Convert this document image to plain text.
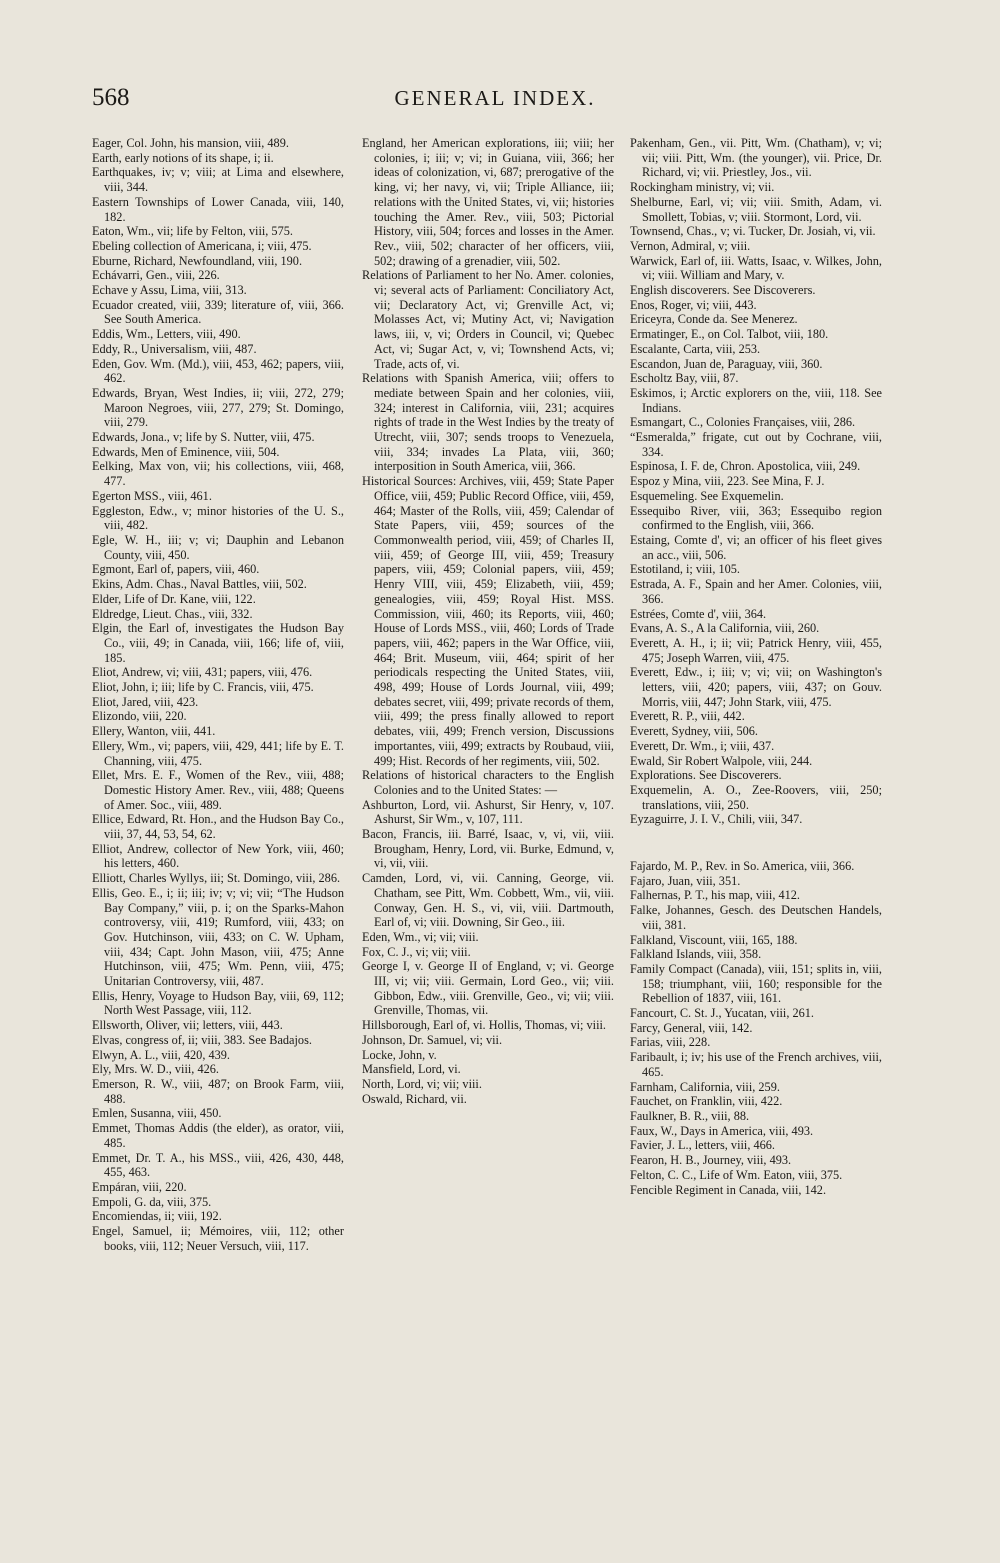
568	GENERAL INDEX.

Eager, Col. John, his mansion, viii, 489.

Earth, early notions of its shape, i; ii.

Earthquakes, iv; v; viii; at Lima and elsewhere, viii, 344.

Eastern Townships of Lower Canada, viii, 140, 182.

Eaton, Wm., vii; life by Felton, viii, 575.

Ebeling collection of Americana, i; viii, 475.

Eburne, Richard, Newfoundland, viii, 190.

Echávarri, Gen., viii, 226.

Echave y Assu, Lima, viii, 313.

Ecuador created, viii, 339; literature of, viii, 366. See South America.

Eddis, Wm., Letters, viii, 490.

Eddy, R., Universalism, viii, 487.

Eden, Gov. Wm. (Md.), viii, 453, 462; papers, viii, 462.

Edwards, Bryan, West Indies, ii; viii, 272, 279; Maroon Negroes, viii, 277, 279; St. Domingo, viii, 279.

Edwards, Jona., v; life by S. Nutter, viii, 475.

Edwards, Men of Eminence, viii, 504.

Eelking, Max von, vii; his collections, viii, 468, 477.

Egerton MSS., viii, 461.

Eggleston, Edw., v; minor histories of the U. S., viii, 482.

Egle, W. H., iii; v; vi; Dauphin and Lebanon County, viii, 450.

Egmont, Earl of, papers, viii, 460.

Ekins, Adm. Chas., Naval Battles, viii, 502.

Elder, Life of Dr. Kane, viii, 122.

Eldredge, Lieut. Chas., viii, 332.

Elgin, the Earl of, investigates the Hudson Bay Co., viii, 49; in Canada, viii, 166; life of, viii, 185.

Eliot, Andrew, vi; viii, 431; papers, viii, 476.

Eliot, John, i; iii; life by C. Francis, viii, 475.

Eliot, Jared, viii, 423.

Elizondo, viii, 220.

Ellery, Wanton, viii, 441.

Ellery, Wm., vi; papers, viii, 429, 441; life by E. T. Channing, viii, 475.

Ellet, Mrs. E. F., Women of the Rev., viii, 488; Domestic History Amer. Rev., viii, 488; Queens of Amer. Soc., viii, 489.

Ellice, Edward, Rt. Hon., and the Hudson Bay Co., viii, 37, 44, 53, 54, 62.

Elliot, Andrew, collector of New York, viii, 460; his letters, 460.

Elliott, Charles Wyllys, iii; St. Domingo, viii, 286.

Ellis, Geo. E., i; ii; iii; iv; v; vi; vii; “The Hudson Bay Company,” viii, p. i; on the Sparks-Mahon controversy, viii, 419; Rumford, viii, 433; on Gov. Hutchinson, viii, 433; on C. W. Upham, viii, 434; Capt. John Mason, viii, 475; Anne Hutchinson, viii, 475; Wm. Penn, viii, 475; Unitarian Controversy, viii, 487.

Ellis, Henry, Voyage to Hudson Bay, viii, 69, 112; North West Passage, viii, 112.

Ellsworth, Oliver, vii; letters, viii, 443.

Elvas, congress of, ii; viii, 383. See Badajos.

Elwyn, A. L., viii, 420, 439.

Ely, Mrs. W. D., viii, 426.

Emerson, R. W., viii, 487; on Brook Farm, viii, 488.

Emlen, Susanna, viii, 450.

Emmet, Thomas Addis (the elder), as orator, viii, 485.

Emmet, Dr. T. A., his MSS., viii, 426, 430, 448, 455, 463.

Empáran, viii, 220.

Empoli, G. da, viii, 375.

Encomiendas, ii; viii, 192.

Engel, Samuel, ii; Mémoires, viii, 112; other books, viii, 112; Neuer Versuch, viii, 117.

England, her American explorations, iii; viii; her colonies, i; iii; v; vi; in Guiana, viii, 366; her ideas of colonization, vi, 687; prerogative of the king, vi; her navy, vi, vii; Triple Alliance, iii; relations with the United States, vi, vii; histories touching the Amer. Rev., viii, 503; Pictorial History, viii, 504; forces and losses in the Amer. Rev., viii, 502; character of her officers, viii, 502; drawing of a grenadier, viii, 502.

Relations of Parliament to her No. Amer. colonies, vi; several acts of Parliament: Conciliatory Act, vii; Declaratory Act, vi; Grenville Act, vi; Molasses Act, vi; Mutiny Act, vi; Navigation laws, iii, v, vi; Orders in Council, vi; Quebec Act, vi; Sugar Act, v, vi; Townshend Acts, vi; Trade, acts of, vi.

Relations with Spanish America, viii; offers to mediate between Spain and her colonies, viii, 324; interest in California, viii, 231; acquires rights of trade in the West Indies by the treaty of Utrecht, viii, 307; sends troops to Venezuela, viii, 334; invades La Plata, viii, 360; interposition in South America, viii, 366.

Historical Sources: Archives, viii, 459; State Paper Office, viii, 459; Public Record Office, viii, 459, 464; Master of the Rolls, viii, 459; Calendar of State Papers, viii, 459; sources of the Commonwealth period, viii, 459; of Charles II, viii, 459; of George III, viii, 459; Treasury papers, viii, 459; Colonial papers, viii, 459; Henry VIII, viii, 459; Elizabeth, viii, 459; genealogies, viii, 459; Royal Hist. MSS. Commission, viii, 460; its Reports, viii, 460; House of Lords MSS., viii, 460; Lords of Trade papers, viii, 462; papers in the War Office, viii, 464; Brit. Museum, viii, 464; spirit of her periodicals respecting the United States, viii, 498, 499; House of Lords Journal, viii, 499; debates secret, viii, 499; private records of them, viii, 499; the press finally allowed to report debates, viii, 499; French version, Discussions importantes, viii, 499; extracts by Roubaud, viii, 499; Hist. Records of her regiments, viii, 502.

Relations of historical characters to the English Colonies and to the United States: —

Ashburton, Lord, vii. Ashurst, Sir Henry, v, 107. Ashurst, Sir Wm., v, 107, 111.

Bacon, Francis, iii. Barré, Isaac, v, vi, vii, viii. Brougham, Henry, Lord, vii. Burke, Edmund, v, vi, vii, viii.

Camden, Lord, vi, vii. Canning, George, vii. Chatham, see Pitt, Wm. Cobbett, Wm., vii, viii. Conway, Gen. H. S., vi, vii, viii. Dartmouth, Earl of, vi; viii. Downing, Sir Geo., iii.

Eden, Wm., vi; vii; viii.

Fox, C. J., vi; vii; viii.

George I, v. George II of England, v; vi. George III, vi; vii; viii. Germain, Lord Geo., vii; viii. Gibbon, Edw., viii. Grenville, Geo., vi; vii; viii. Grenville, Thomas, vii.

Hillsborough, Earl of, vi. Hollis, Thomas, vi; viii.

Johnson, Dr. Samuel, vi; vii.

Locke, John, v.

Mansfield, Lord, vi.

North, Lord, vi; vii; viii.

Oswald, Richard, vii.

Pakenham, Gen., vii. Pitt, Wm. (Chatham), v; vi; vii; viii. Pitt, Wm. (the younger), vii. Price, Dr. Richard, vi; vii. Priestley, Jos., vii.

Rockingham ministry, vi; vii.

Shelburne, Earl, vi; vii; viii. Smith, Adam, vi. Smollett, Tobias, v; viii. Stormont, Lord, vii.

Townsend, Chas., v; vi. Tucker, Dr. Josiah, vi, vii.

Vernon, Admiral, v; viii.

Warwick, Earl of, iii. Watts, Isaac, v. Wilkes, John, vi; viii. William and Mary, v.

English discoverers. See Discoverers.

Enos, Roger, vi; viii, 443.

Ericeyra, Conde da. See Menerez.

Ermatinger, E., on Col. Talbot, viii, 180.

Escalante, Carta, viii, 253.

Escandon, Juan de, Paraguay, viii, 360.

Escholtz Bay, viii, 87.

Eskimos, i; Arctic explorers on the, viii, 118. See Indians.

Esmangart, C., Colonies Françaises, viii, 286.

“Esmeralda,” frigate, cut out by Cochrane, viii, 334.

Espinosa, I. F. de, Chron. Apostolica, viii, 249.

Espoz y Mina, viii, 223. See Mina, F. J.

Esquemeling. See Exquemelin.

Essequibo River, viii, 363; Essequibo region confirmed to the English, viii, 366.

Estaing, Comte d', vi; an officer of his fleet gives an acc., viii, 506.

Estotiland, i; viii, 105.

Estrada, A. F., Spain and her Amer. Colonies, viii, 366.

Estrées, Comte d', viii, 364.

Evans, A. S., A la California, viii, 260.

Everett, A. H., i; ii; vii; Patrick Henry, viii, 455, 475; Joseph Warren, viii, 475.

Everett, Edw., i; iii; v; vi; vii; on Washington's letters, viii, 420; papers, viii, 437; on Gouv. Morris, viii, 447; John Stark, viii, 475.

Everett, R. P., viii, 442.

Everett, Sydney, viii, 506.

Everett, Dr. Wm., i; viii, 437.

Ewald, Sir Robert Walpole, viii, 244.

Explorations. See Discoverers.

Exquemelin, A. O., Zee-Roovers, viii, 250; translations, viii, 250.

Eyzaguirre, J. I. V., Chili, viii, 347.

Fajardo, M. P., Rev. in So. America, viii, 366.

Fajaro, Juan, viii, 351.

Falhernas, P. T., his map, viii, 412.

Falke, Johannes, Gesch. des Deutschen Handels, viii, 381.

Falkland, Viscount, viii, 165, 188.

Falkland Islands, viii, 358.

Family Compact (Canada), viii, 151; splits in, viii, 158; triumphant, viii, 160; responsible for the Rebellion of 1837, viii, 161.

Fancourt, C. St. J., Yucatan, viii, 261.

Farcy, General, viii, 142.

Farias, viii, 228.

Faribault, i; iv; his use of the French archives, viii, 465.

Farnham, California, viii, 259.

Fauchet, on Franklin, viii, 422.

Faulkner, B. R., viii, 88.

Faux, W., Days in America, viii, 493.

Favier, J. L., letters, viii, 466.

Fearon, H. B., Journey, viii, 493.

Felton, C. C., Life of Wm. Eaton, viii, 375.

Fencible Regiment in Canada, viii, 142.
